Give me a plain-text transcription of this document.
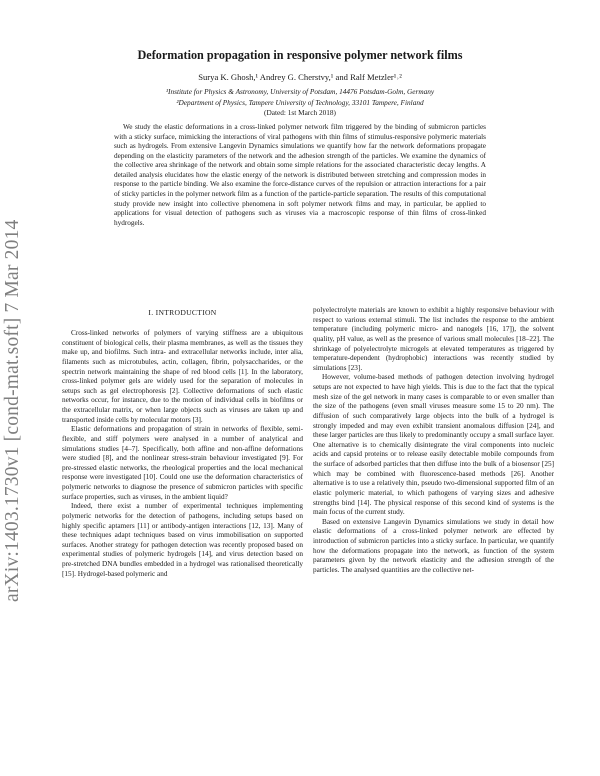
arXiv:1403.1730v1 [cond-mat.soft] 7 Mar 2014
Deformation propagation in responsive polymer network films
Surya K. Ghosh,¹ Andrey G. Cherstvy,¹ and Ralf Metzler¹˒²
¹Institute for Physics & Astronomy, University of Potsdam, 14476 Potsdam-Golm, Germany
²Department of Physics, Tampere University of Technology, 33101 Tampere, Finland
(Dated: 1st March 2018)
We study the elastic deformations in a cross-linked polymer network film triggered by the binding of submicron particles with a sticky surface, mimicking the interactions of viral pathogens with thin films of stimulus-responsive polymeric materials such as hydrogels. From extensive Langevin Dynamics simulations we quantify how far the network deformations propagate depending on the elasticity parameters of the network and the adhesion strength of the particles. We examine the dynamics of the collective area shrinkage of the network and obtain some simple relations for the associated characteristic decay lengths. A detailed analysis elucidates how the elastic energy of the network is distributed between stretching and compression modes in response to the particle binding. We also examine the force-distance curves of the repulsion or attraction interactions for a pair of sticky particles in the polymer network film as a function of the particle-particle separation. The results of this computational study provide new insight into collective phenomena in soft polymer network films and may, in particular, be applied to applications for visual detection of pathogens such as viruses via a macroscopic response of thin films of cross-linked hydrogels.
I. INTRODUCTION

Cross-linked networks of polymers of varying stiffness are a ubiquitous constituent of biological cells, their plasma membranes, as well as the tissues they make up, and biofilms. Such intra- and extracellular networks include, inter alia, filaments such as microtubules, actin, collagen, fibrin, polysaccharides, or the spectrin network maintaining the shape of red blood cells [1]. In the laboratory, cross-linked polymer gels are widely used for the separation of molecules in setups such as gel electrophoresis [2]. Collective deformations of such elastic networks occur, for instance, due to the motion of individual cells in biofilms or the extracellular matrix, or when large objects such as viruses are taken up and transported inside cells by molecular motors [3].

Elastic deformations and propagation of strain in networks of flexible, semi-flexible, and stiff polymers were analysed in a number of analytical and simulations studies [4–7]. Specifically, both affine and non-affine deformations were studied [8], and the nonlinear stress-strain behaviour investigated [9]. For pre-stressed elastic networks, the rheological properties and the local mechanical response were investigated [10]. Could one use the deformation characteristics of polymeric networks to diagnose the presence of submicron particles with specific surface properties, such as viruses, in the ambient liquid?

Indeed, there exist a number of experimental techniques implementing polymeric networks for the detection of pathogens, including setups based on highly specific aptamers [11] or antibody-antigen interactions [12, 13]. Many of these techniques adapt techniques based on virus immobilisation on supported surfaces. Another strategy for pathogen detection was recently proposed based on experimental studies of polymeric hydrogels [14], and virus detection based on pre-stretched DNA bundles embedded in a hydrogel was rationalised theoretically [15]. Hydrogel-based polymeric and

polyelectrolyte materials are known to exhibit a highly responsive behaviour with respect to various external stimuli. The list includes the response to the ambient temperature (including polymeric micro- and nanogels [16, 17]), the solvent quality, pH value, as well as the presence of various small molecules [18–22]. The shrinkage of polyelectrolyte microgels at elevated temperatures as triggered by temperature-dependent (hydrophobic) interactions was recently studied by simulations [23].

However, volume-based methods of pathogen detection involving hydrogel setups are not expected to have high yields. This is due to the fact that the typical mesh size of the gel network in many cases is comparable to or even smaller than the size of the pathogens (even small viruses measure some 15 to 20 nm). The diffusion of such comparatively large objects into the bulk of a hydrogel is strongly impeded and may even exhibit transient anomalous diffusion [24], and these larger particles are thus likely to predominantly occupy a small surface layer. One alternative is to chemically disintegrate the viral components into nucleic acids and capsid proteins or to release easily detectable mobile compounds from the surface of adsorbed particles that then diffuse into the bulk of a biosensor [25] which may be combined with fluorescence-based methods [26]. Another alternative is to use a relatively thin, pseudo two-dimensional supported film of an elastic polymeric material, to which pathogens of varying sizes and adhesive strengths bind [14]. The physical response of this second kind of systems is the main focus of the current study.

Based on extensive Langevin Dynamics simulations we study in detail how elastic deformations of a cross-linked polymer network are effected by introduction of submicron particles into a sticky surface. In particular, we quantify how the deformations propagate into the network, as function of the system parameters given by the network elasticity and the adhesion strength of the particles. The analysed quantities are the collective net-
